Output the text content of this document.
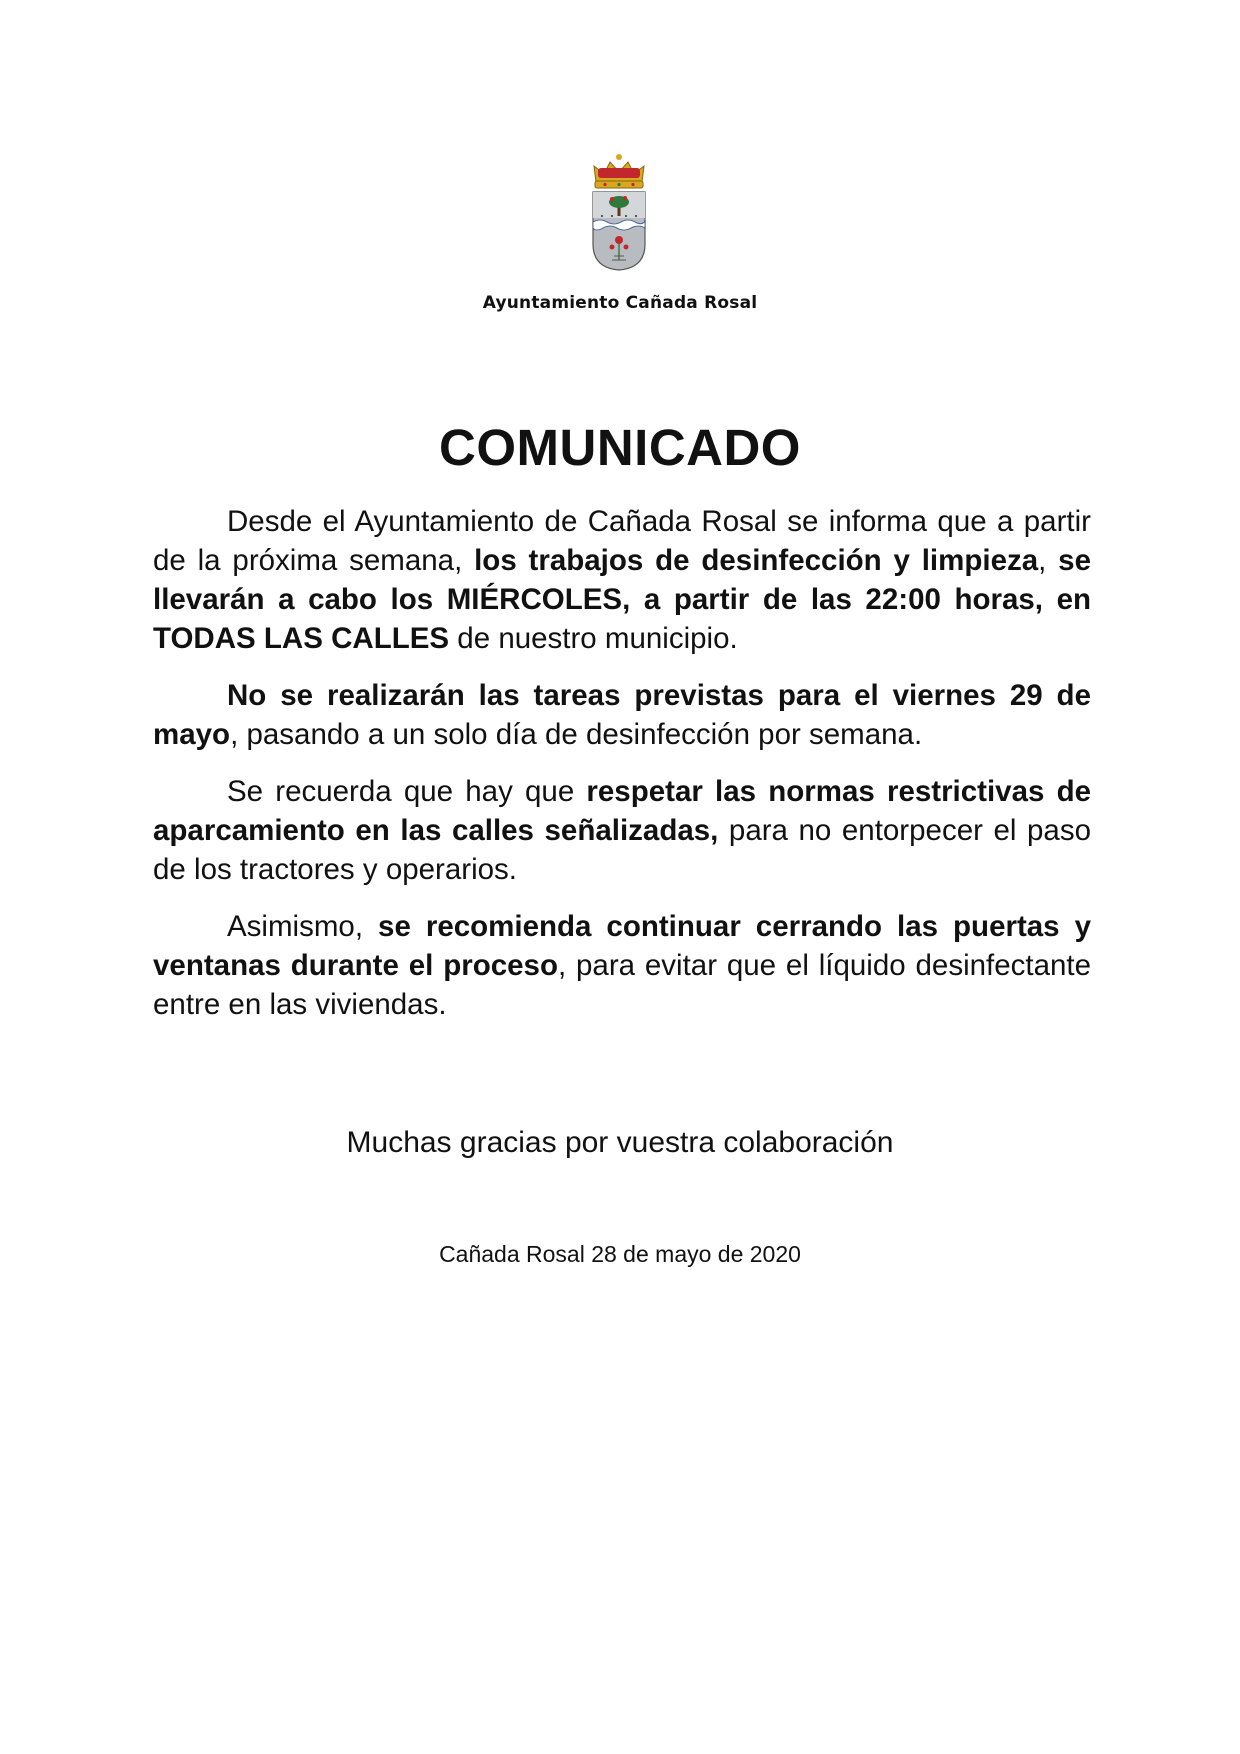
Ayuntamiento Cañada Rosal
COMUNICADO

Desde el Ayuntamiento de Cañada Rosal se informa que a partir de la próxima semana, los trabajos de desinfección y limpieza, se llevarán a cabo los MIÉRCOLES, a partir de las 22:00 horas, en TODAS LAS CALLES de nuestro municipio.

No se realizarán las tareas previstas para el viernes 29 de mayo, pasando a un solo día de desinfección por semana.

Se recuerda que hay que respetar las normas restrictivas de aparcamiento en las calles señalizadas, para no entorpecer el paso de los tractores y operarios.

Asimismo, se recomienda continuar cerrando las puertas y ventanas durante el proceso, para evitar que el líquido desinfectante entre en las viviendas.

Muchas gracias por vuestra colaboración
Cañada Rosal 28 de mayo de 2020
